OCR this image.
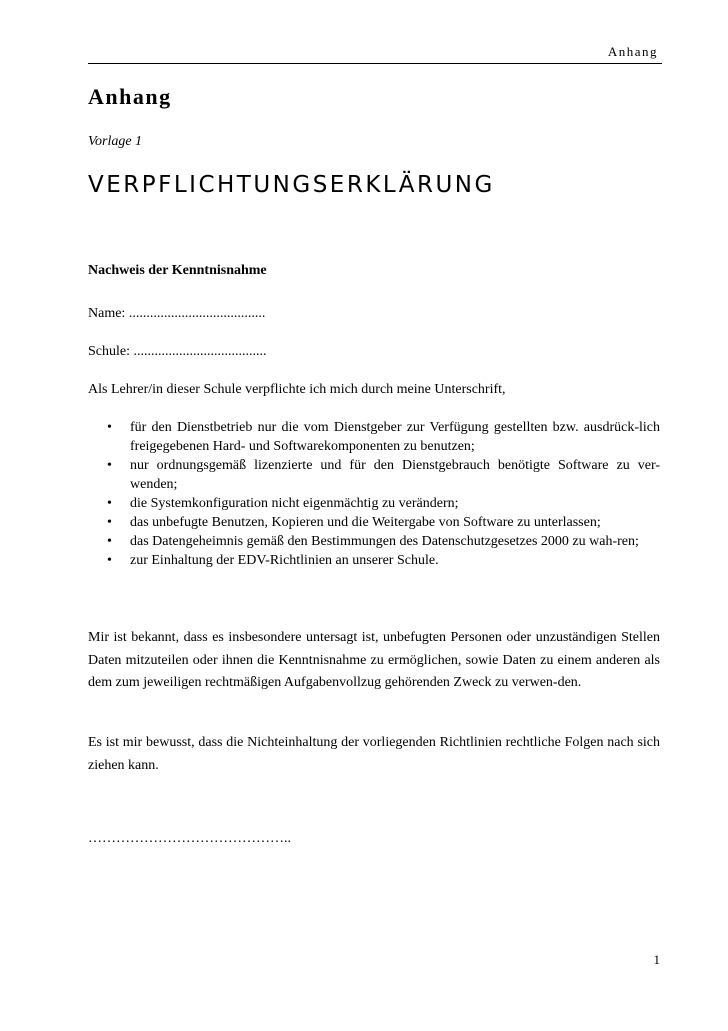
Anhang
Anhang
Vorlage 1
VERPFLICHTUNGSERKLÄRUNG
Nachweis der Kenntnisnahme
Name: .......................................
Schule: ......................................
Als Lehrer/in dieser Schule verpflichte ich mich durch meine Unterschrift,
• für den Dienstbetrieb nur die vom Dienstgeber zur Verfügung gestellten bzw. ausdrück-lich freigegebenen Hard- und Softwarekomponenten zu benutzen;
• nur ordnungsgemäß lizenzierte und für den Dienstgebrauch benötigte Software zu ver-wenden;
• die Systemkonfiguration nicht eigenmächtig zu verändern;
• das unbefugte Benutzen, Kopieren und die Weitergabe von Software zu unterlassen;
• das Datengeheimnis gemäß den Bestimmungen des Datenschutzgesetzes 2000 zu wah-ren;
• zur Einhaltung der EDV-Richtlinien an unserer Schule.
Mir ist bekannt, dass es insbesondere untersagt ist, unbefugten Personen oder unzuständigen Stellen Daten mitzuteilen oder ihnen die Kenntnisnahme zu ermöglichen, sowie Daten zu einem anderen als dem zum jeweiligen rechtmäßigen Aufgabenvollzug gehörenden Zweck zu verwen-den.
Es ist mir bewusst, dass die Nichteinhaltung der vorliegenden Richtlinien rechtliche Folgen nach sich ziehen kann.
……………………………………..
1
